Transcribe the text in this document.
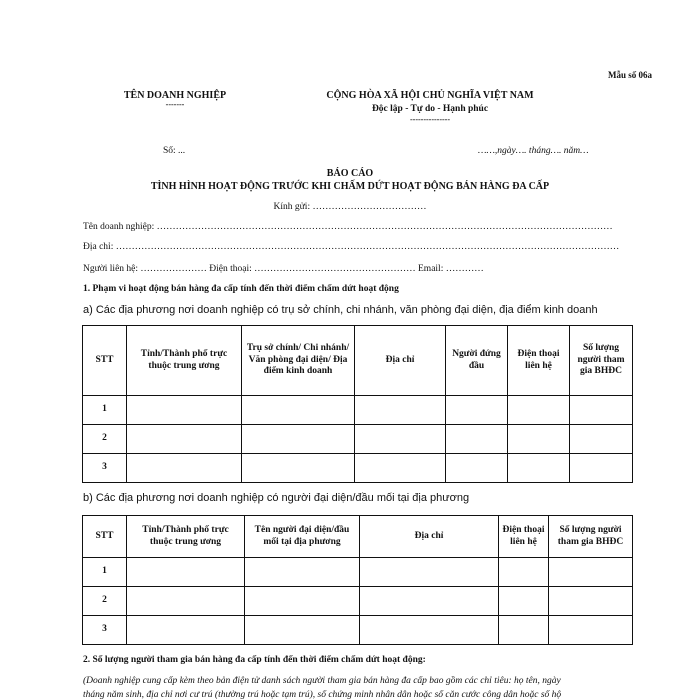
Mẫu số 06a
TÊN DOANH NGHIỆP
-------
CỘNG HÒA XÃ HỘI CHỦ NGHĨA VIỆT NAM
Độc lập - Tự do - Hạnh phúc
---------------
Số: ...	……,ngày…. tháng…. năm…
BÁO CÁO
TÌNH HÌNH HOẠT ĐỘNG TRƯỚC KHI CHẤM DỨT HOẠT ĐỘNG BÁN HÀNG ĐA CẤP
Kính gửi: ………………………………
Tên doanh nghiệp: ………………………………………………………………………………………………………………………………
Địa chỉ: ……………………………………………………………………………………………………………………………………………
Người liên hệ: ………………… Điện thoại: …………………………………………… Email: …………
1. Phạm vi hoạt động bán hàng đa cấp tính đến thời điểm chấm dứt hoạt động
a) Các địa phương nơi doanh nghiệp có trụ sở chính, chi nhánh, văn phòng đại diện, địa điểm kinh doanh
STT	Tỉnh/Thành phố trực thuộc trung ương	Trụ sở chính/ Chi nhánh/ Văn phòng đại diện/ Địa điểm kinh doanh	Địa chỉ	Người đứng đầu	Điện thoại liên hệ	Số lượng người tham gia BHĐC
1						
2						
3						
b) Các địa phương nơi doanh nghiệp có người đại diện/đầu mối tại địa phương
STT	Tỉnh/Thành phố trực thuộc trung ương	Tên người đại diện/đầu mối tại địa phương	Địa chỉ	Điện thoại liên hệ	Số lượng người tham gia BHĐC
1					
2					
3					
2. Số lượng người tham gia bán hàng đa cấp tính đến thời điểm chấm dứt hoạt động:
(Doanh nghiệp cung cấp kèm theo bản điện tử danh sách người tham gia bán hàng đa cấp bao gồm các chỉ tiêu: họ tên, ngày
tháng năm sinh, địa chỉ nơi cư trú (thường trú hoặc tạm trú), số chứng minh nhân dân hoặc số căn cước công dân hoặc số hộ
